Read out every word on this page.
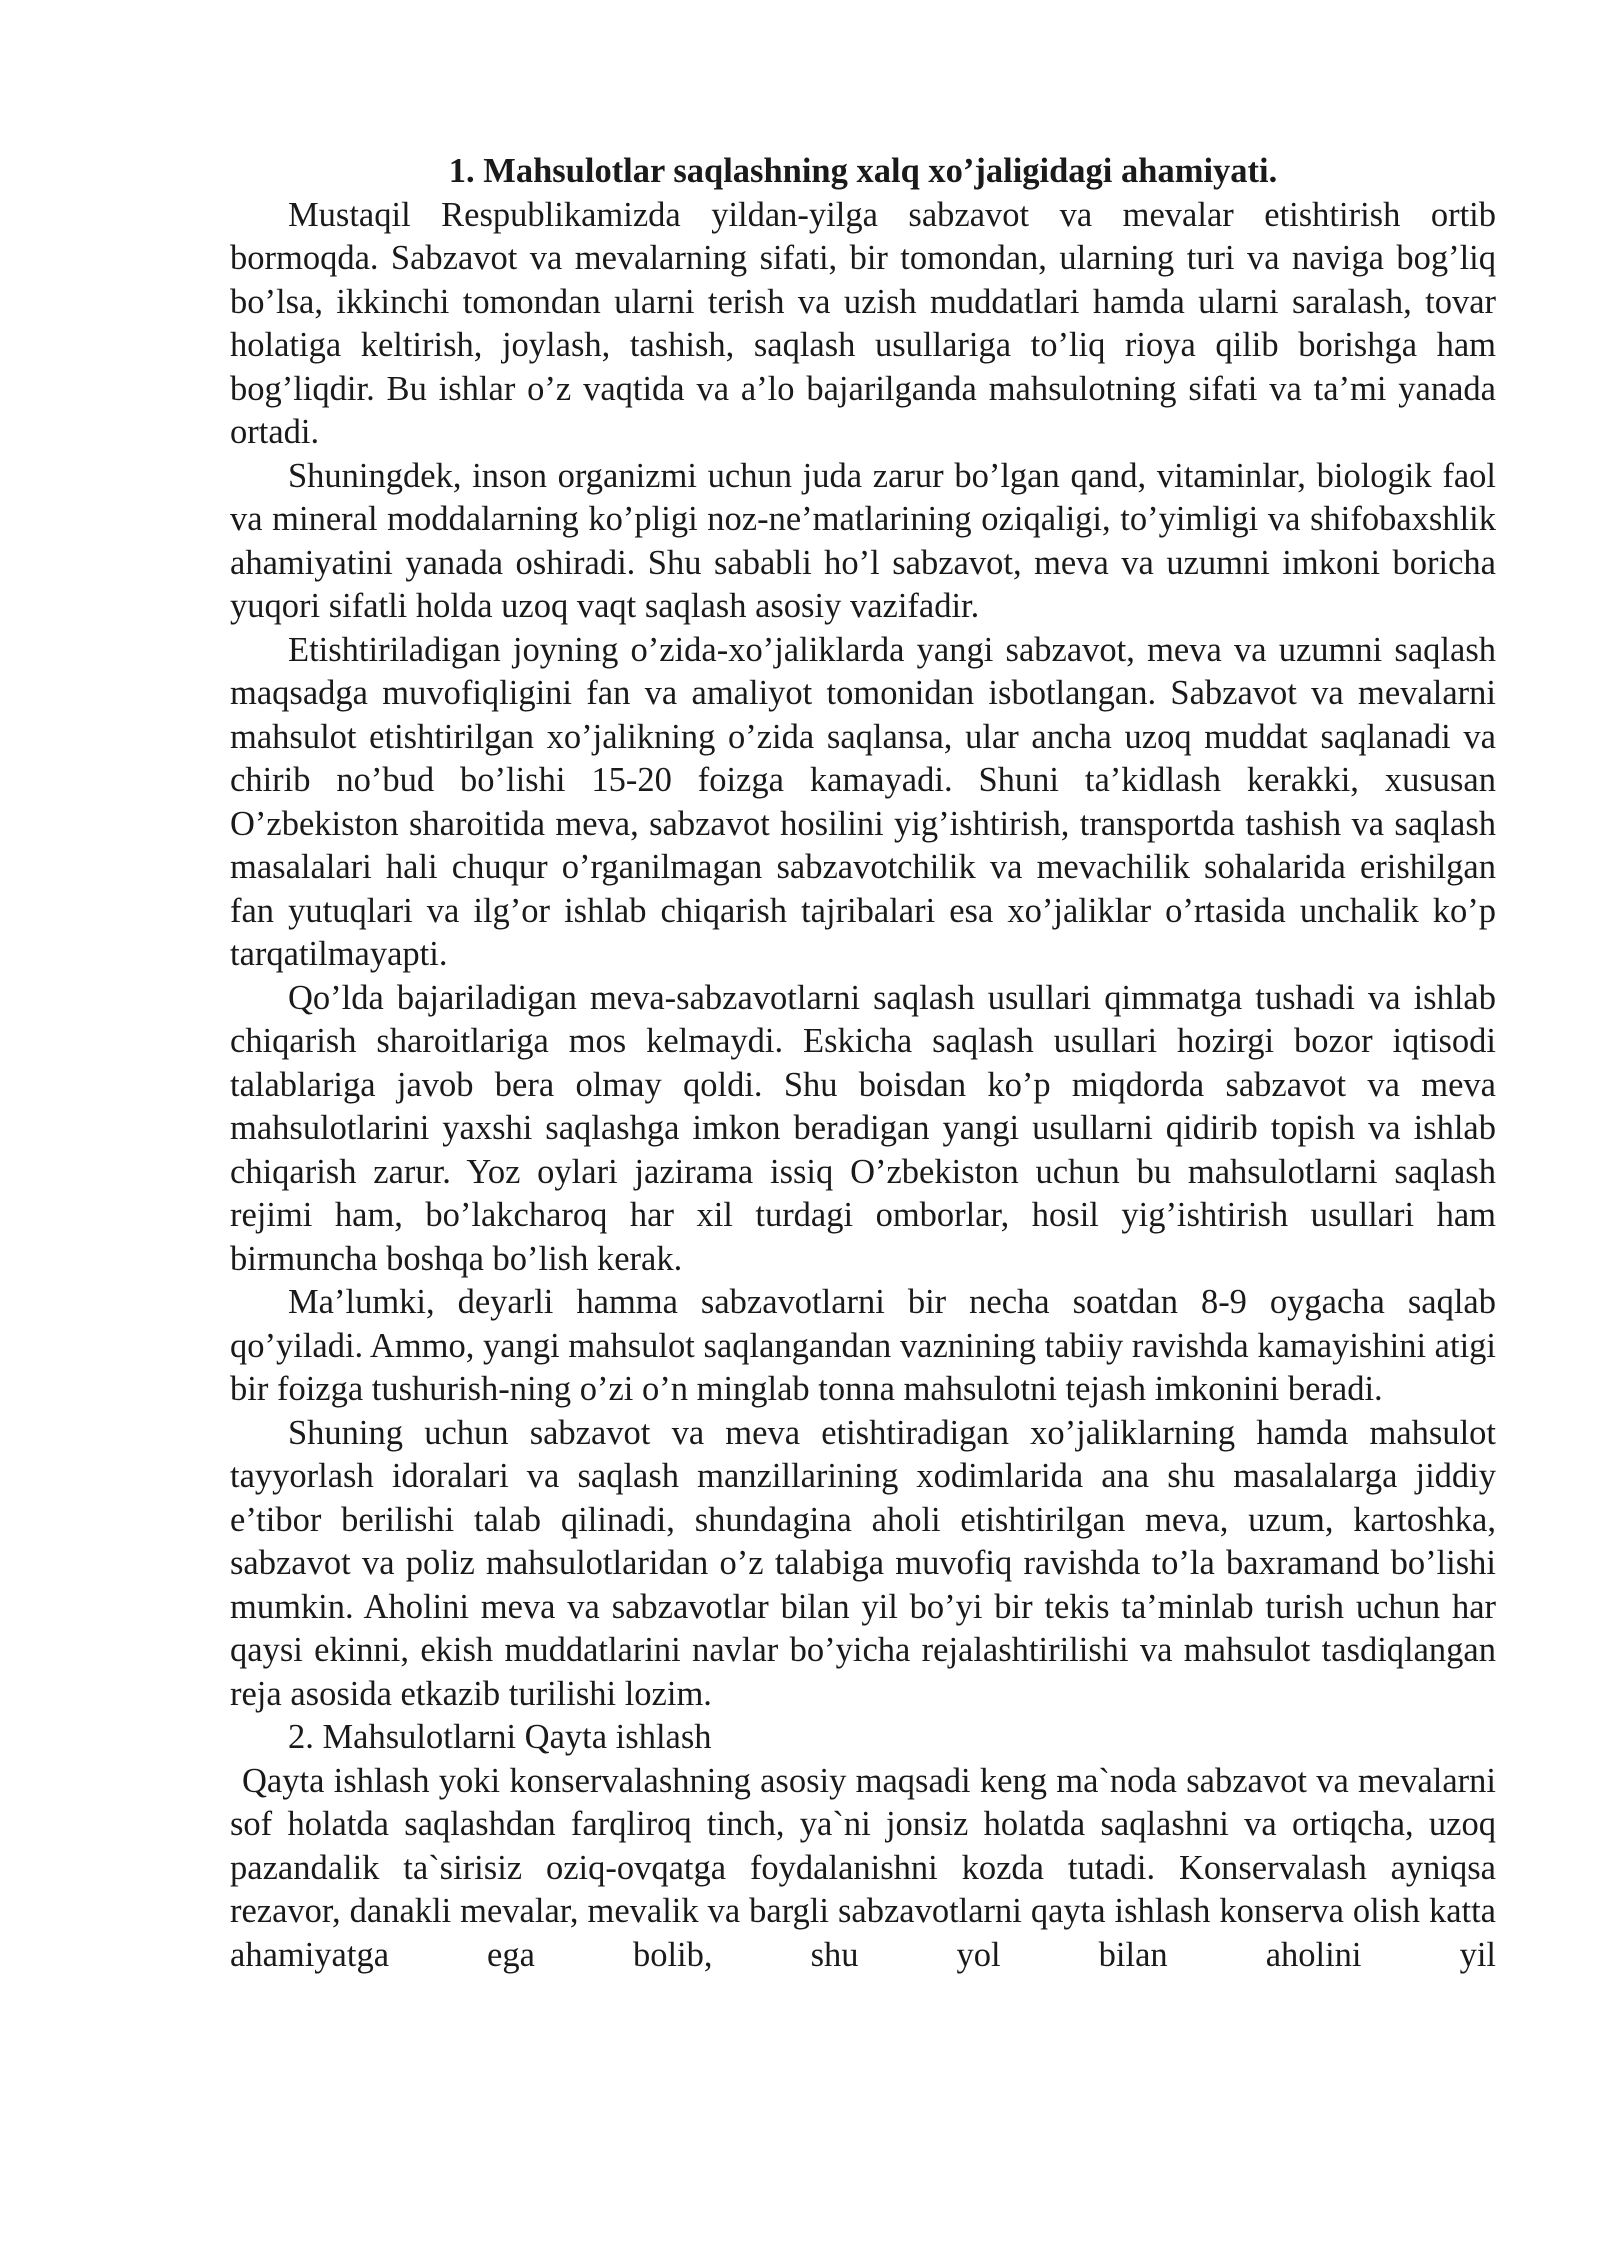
1. Mahsulotlar saqlashning xalq xo’jaligidagi ahamiyati.

Mustaqil Respublikamizda yildan-yilga sabzavot va mevalar etishtirish ortib bormoqda. Sabzavot va mevalarning sifati, bir tomondan, ularning turi va naviga bog’liq bo’lsa, ikkinchi tomondan ularni terish va uzish muddatlari hamda ularni saralash, tovar holatiga keltirish, joylash, tashish, saqlash usullariga to’liq rioya qilib borishga ham bog’liqdir. Bu ishlar o’z vaqtida va a’lo bajarilganda mahsulotning sifati va ta’mi yanada ortadi.

Shuningdek, inson organizmi uchun juda zarur bo’lgan qand, vitaminlar, biologik faol va mineral moddalarning ko’pligi noz-ne’matlarining oziqaligi, to’yimligi va shifobaxshlik ahamiyatini yanada oshiradi. Shu sababli ho’l sabzavot, meva va uzumni imkoni boricha yuqori sifatli holda uzoq vaqt saqlash asosiy vazifadir.

Etishtiriladigan joyning o’zida-xo’jaliklarda yangi sabzavot, meva va uzumni saqlash maqsadga muvofiqligini fan va amaliyot tomonidan isbotlangan. Sabzavot va mevalarni mahsulot etishtirilgan xo’jalikning o’zida saqlansa, ular ancha uzoq muddat saqlanadi va chirib no’bud bo’lishi 15-20 foizga kamayadi. Shuni ta’kidlash kerakki, xususan O’zbekiston sharoitida meva, sabzavot hosilini yig’ishtirish, transportda tashish va saqlash masalalari hali chuqur o’rganilmagan sabzavotchilik va mevachilik sohalarida erishilgan fan yutuqlari va ilg’or ishlab chiqarish tajribalari esa xo’jaliklar o’rtasida unchalik ko’p tarqatilmayapti.

Qo’lda bajariladigan meva-sabzavotlarni saqlash usullari qimmatga tushadi va ishlab chiqarish sharoitlariga mos kelmaydi. Eskicha saqlash usullari hozirgi bozor iqtisodi talablariga javob bera olmay qoldi. Shu boisdan ko’p miqdorda sabzavot va meva mahsulotlarini yaxshi saqlashga imkon beradigan yangi usullarni qidirib topish va ishlab chiqarish zarur. Yoz oylari jazirama issiq O’zbekiston uchun bu mahsulotlarni saqlash rejimi ham, bo’lakcharoq har xil turdagi omborlar, hosil yig’ishtirish usullari ham birmuncha boshqa bo’lish kerak.

Ma’lumki, deyarli hamma sabzavotlarni bir necha soatdan 8-9 oygacha saqlab qo’yiladi. Ammo, yangi mahsulot saqlangandan vaznining tabiiy ravishda kamayishini atigi bir foizga tushurish-ning o’zi o’n minglab tonna mahsulotni tejash imkonini beradi.

Shuning uchun sabzavot va meva etishtiradigan xo’jaliklarning hamda mahsulot tayyorlash idoralari va saqlash manzillarining xodimlarida ana shu masalalarga jiddiy e’tibor berilishi talab qilinadi, shundagina aholi etishtirilgan meva, uzum, kartoshka, sabzavot va poliz mahsulotlaridan o’z talabiga muvofiq ravishda to’la baxramand bo’lishi mumkin. Aholini meva va sabzavotlar bilan yil bo’yi bir tekis ta’minlab turish uchun har qaysi ekinni, ekish muddatlarini navlar bo’yicha rejalashtirilishi va mahsulot tasdiqlangan reja asosida etkazib turilishi lozim.

2. Mahsulotlarni Qayta ishlash

Qayta ishlash yoki konservalashning asosiy maqsadi keng ma`noda sabzavot va mevalarni sof holatda saqlashdan farqliroq tinch, ya`ni jonsiz holatda saqlashni va ortiqcha, uzoq pazandalik ta`sirisiz oziq-ovqatga foydalanishni kozda tutadi. Konservalash ayniqsa rezavor, danakli mevalar, mevalik va bargli sabzavotlarni qayta ishlash konserva olish katta ahamiyatga ega bolib, shu yol bilan aholini yil
